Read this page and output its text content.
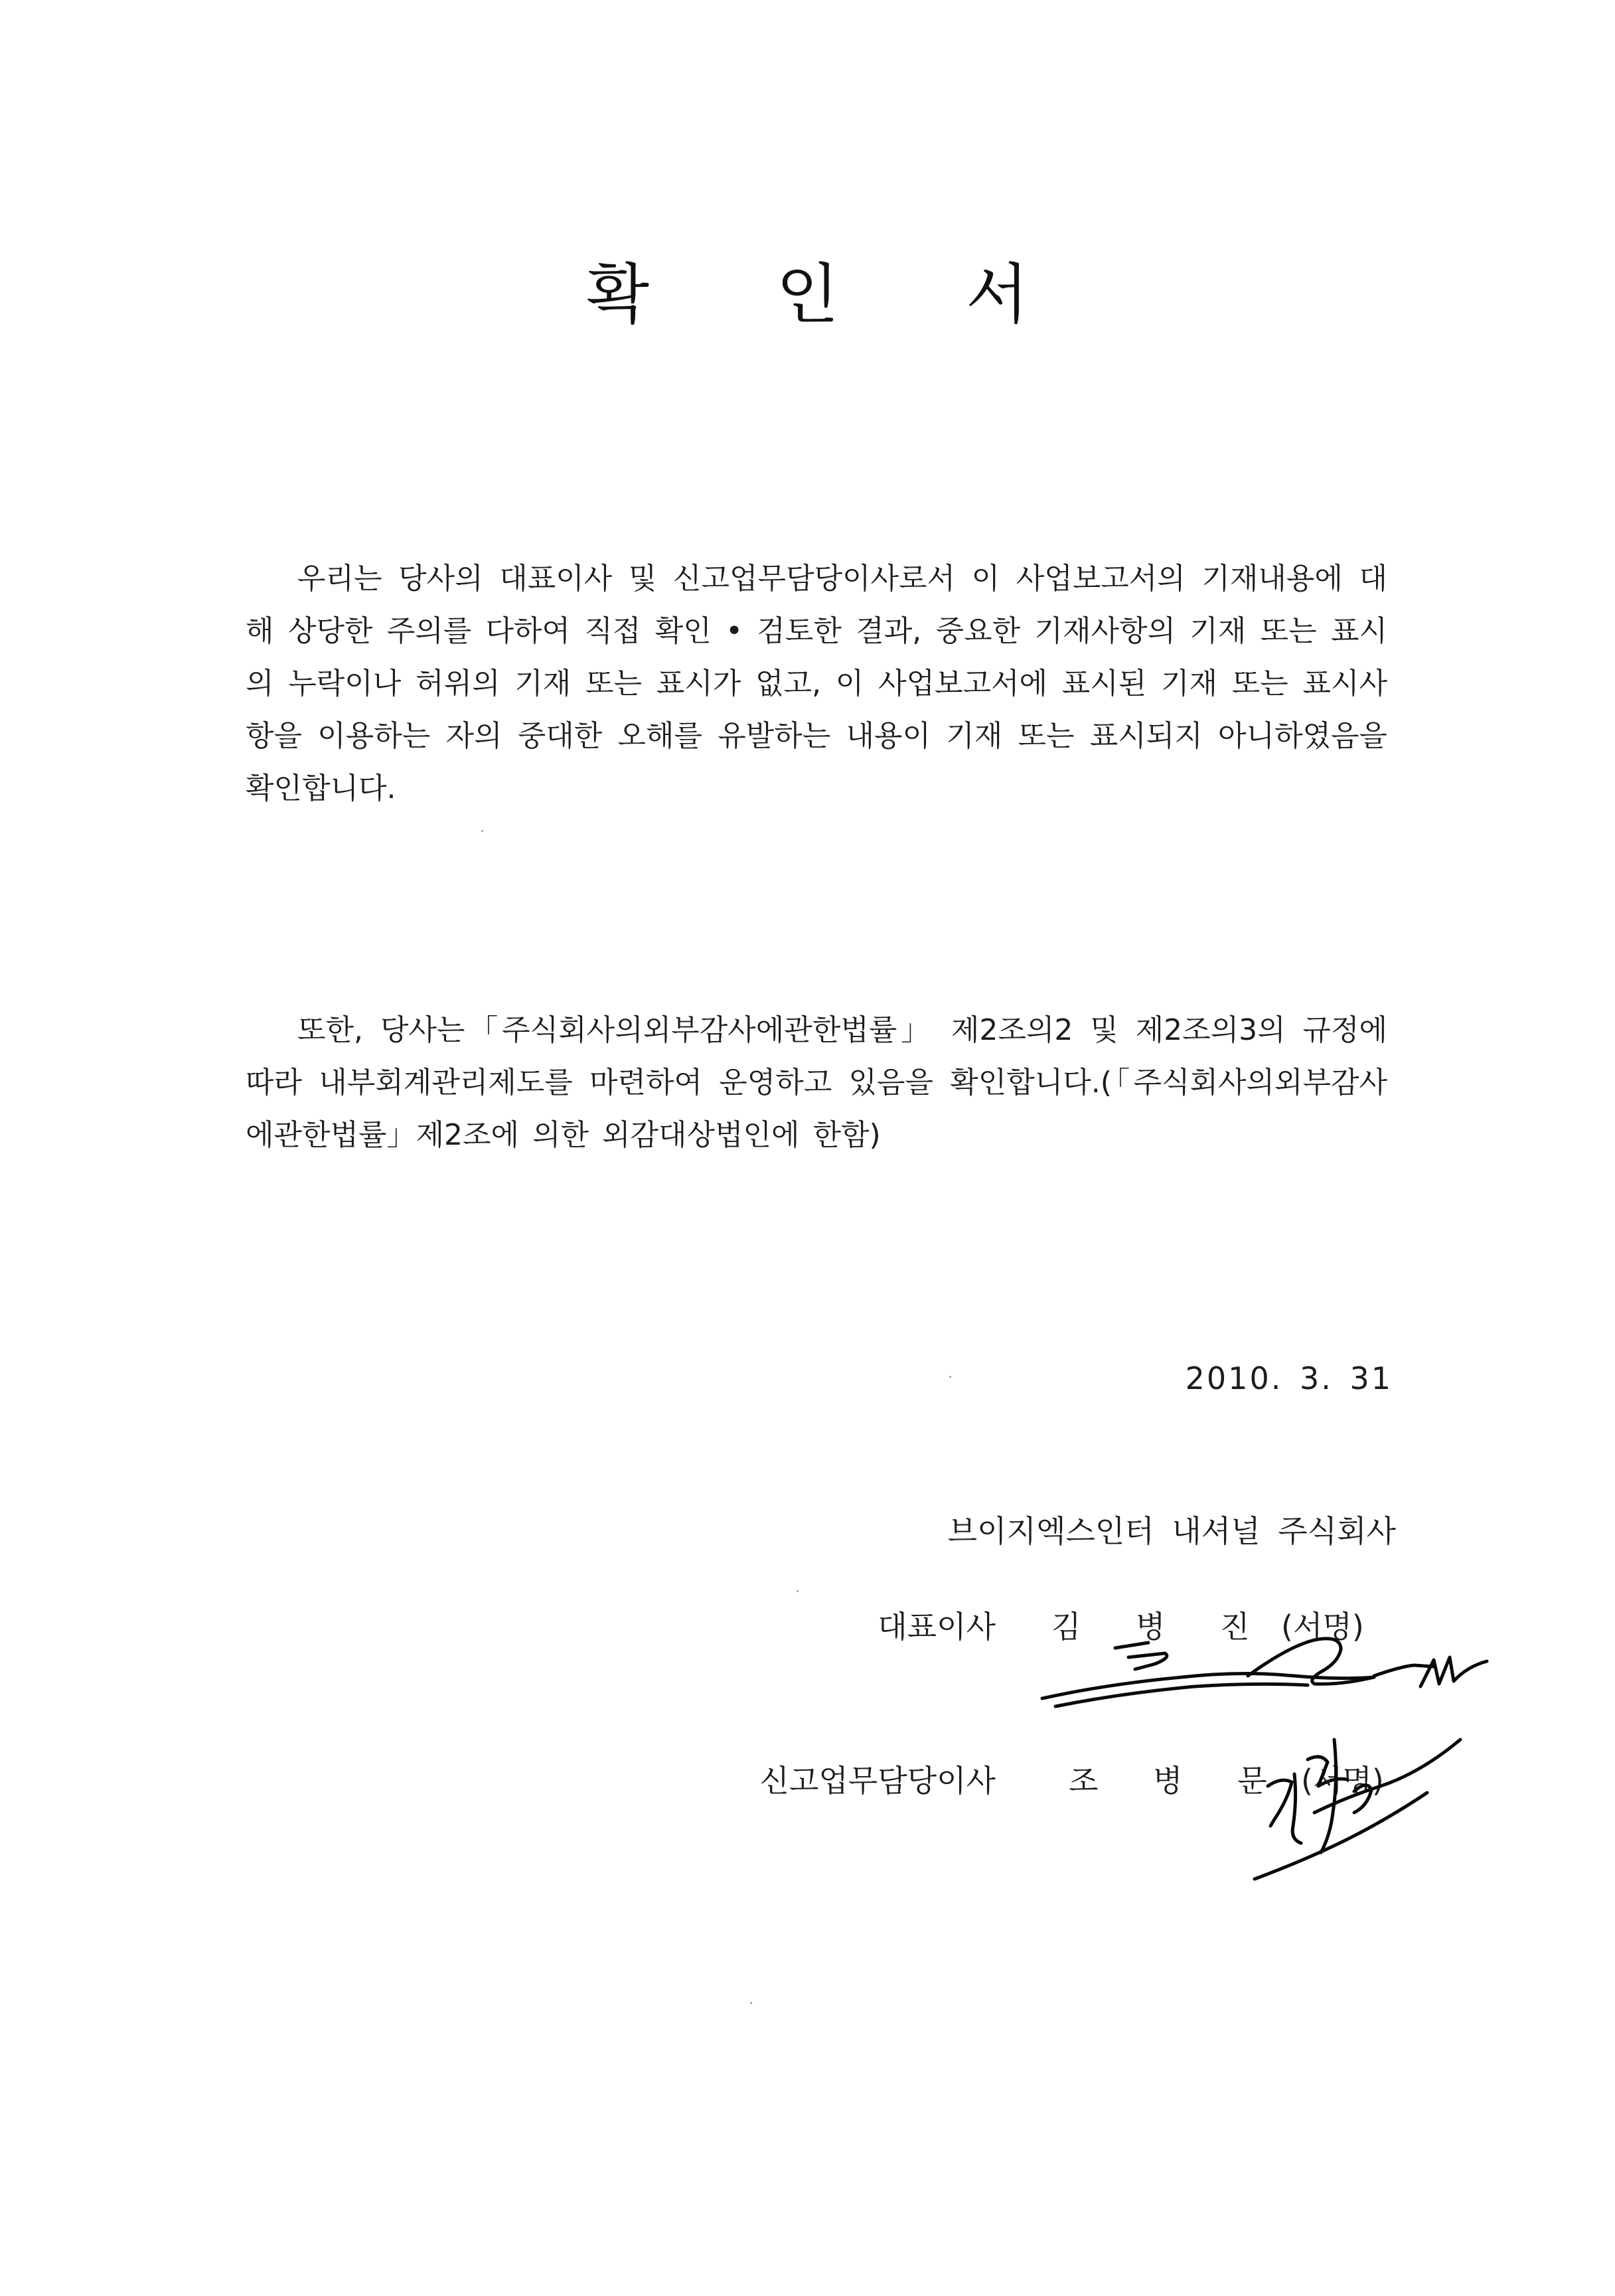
확 인 서

우리는 당사의 대표이사 및 신고업무담당이사로서 이 사업보고서의 기재내용에 대해 상당한 주의를 다하여 직접 확인 • 검토한 결과, 중요한 기재사항의 기재 또는 표시의 누락이나 허위의 기재 또는 표시가 없고, 이 사업보고서에 표시된 기재 또는 표시사항을 이용하는 자의 중대한 오해를 유발하는 내용이 기재 또는 표시되지 아니하였음을 확인합니다.

또한, 당사는「주식회사의외부감사에관한법률」 제2조의2 및 제2조의3의 규정에 따라 내부회계관리제도를 마련하여 운영하고 있음을 확인합니다.(「주식회사의외부감사에관한법률」제2조에 의한 외감대상법인에 한함)

2010. 3. 31
브이지엑스인터 내셔널 주식회사
대표이사 김 병 진 (서명)
신고업무담당이사 조 병 문 (서명)
